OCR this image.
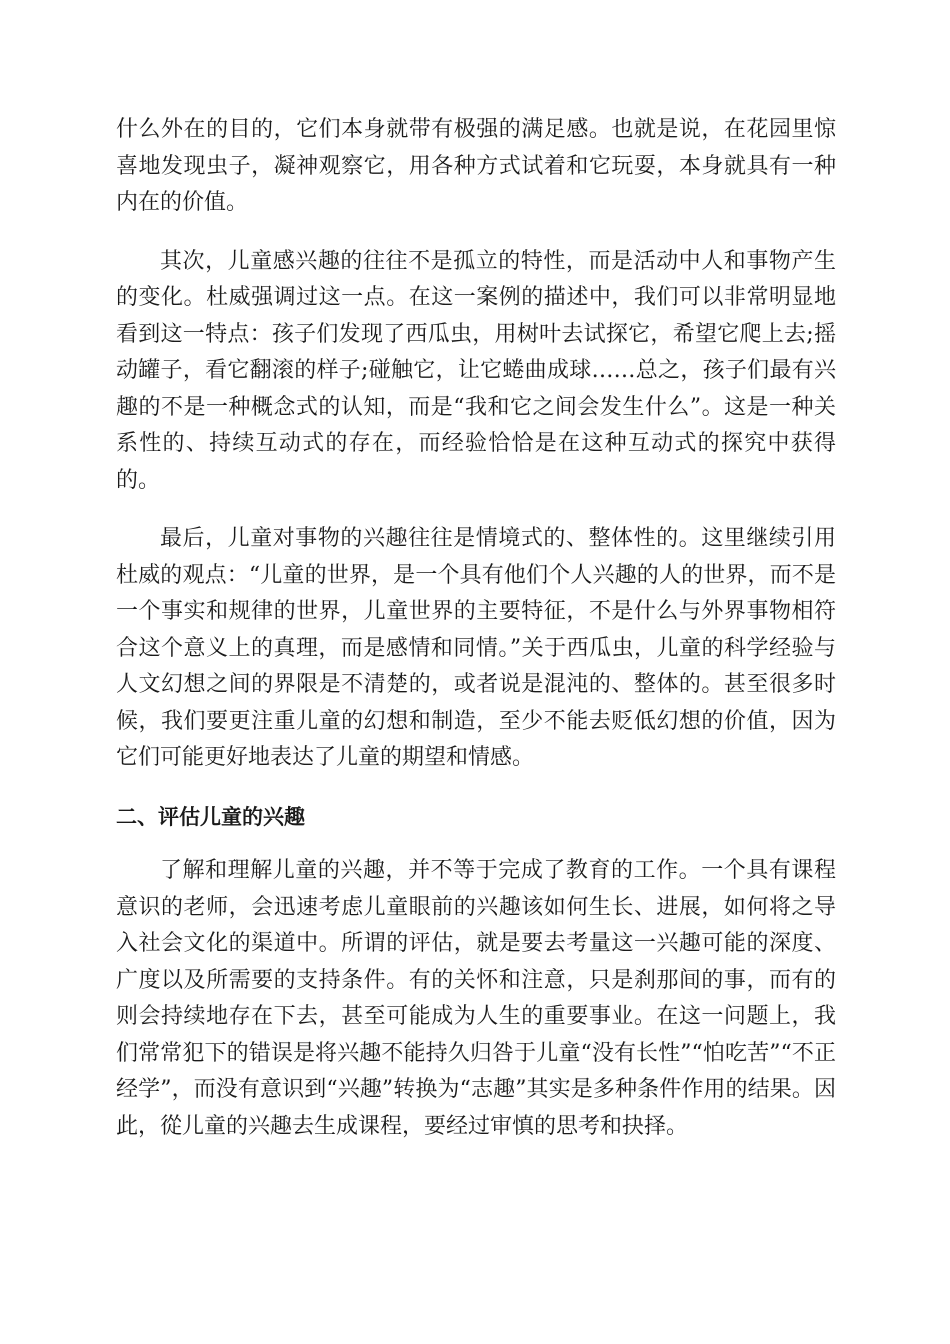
什么外在的目的，它们本身就带有极强的满足感。也就是说，在花园里惊喜地发现虫子，凝神观察它，用各种方式试着和它玩耍，本身就具有一种内在的价值。

其次，儿童感兴趣的往往不是孤立的特性，而是活动中人和事物产生的变化。杜威强调过这一点。在这一案例的描述中，我们可以非常明显地看到这一特点：孩子们发现了西瓜虫，用树叶去试探它，希望它爬上去;摇动罐子，看它翻滚的样子;碰触它，让它蜷曲成球……总之，孩子们最有兴趣的不是一种概念式的认知，而是“我和它之间会发生什么”。这是一种关系性的、持续互动式的存在，而经验恰恰是在这种互动式的探究中获得的。

最后，儿童对事物的兴趣往往是情境式的、整体性的。这里继续引用杜威的观点：“儿童的世界，是一个具有他们个人兴趣的人的世界，而不是一个事实和规律的世界，儿童世界的主要特征，不是什么与外界事物相符合这个意义上的真理，而是感情和同情。”关于西瓜虫，儿童的科学经验与人文幻想之间的界限是不清楚的，或者说是混沌的、整体的。甚至很多时候，我们要更注重儿童的幻想和制造，至少不能去贬低幻想的价值，因为它们可能更好地表达了儿童的期望和情感。

二、评估儿童的兴趣

了解和理解儿童的兴趣，并不等于完成了教育的工作。一个具有课程意识的老师，会迅速考虑儿童眼前的兴趣该如何生长、进展，如何将之导入社会文化的渠道中。所谓的评估，就是要去考量这一兴趣可能的深度、广度以及所需要的支持条件。有的关怀和注意，只是刹那间的事，而有的则会持续地存在下去，甚至可能成为人生的重要事业。在这一问题上，我们常常犯下的错误是将兴趣不能持久归咎于儿童“没有长性”“怕吃苦”“不正经学”，而没有意识到“兴趣”转换为“志趣”其实是多种条件作用的结果。因此，從儿童的兴趣去生成课程，要经过审慎的思考和抉择。
